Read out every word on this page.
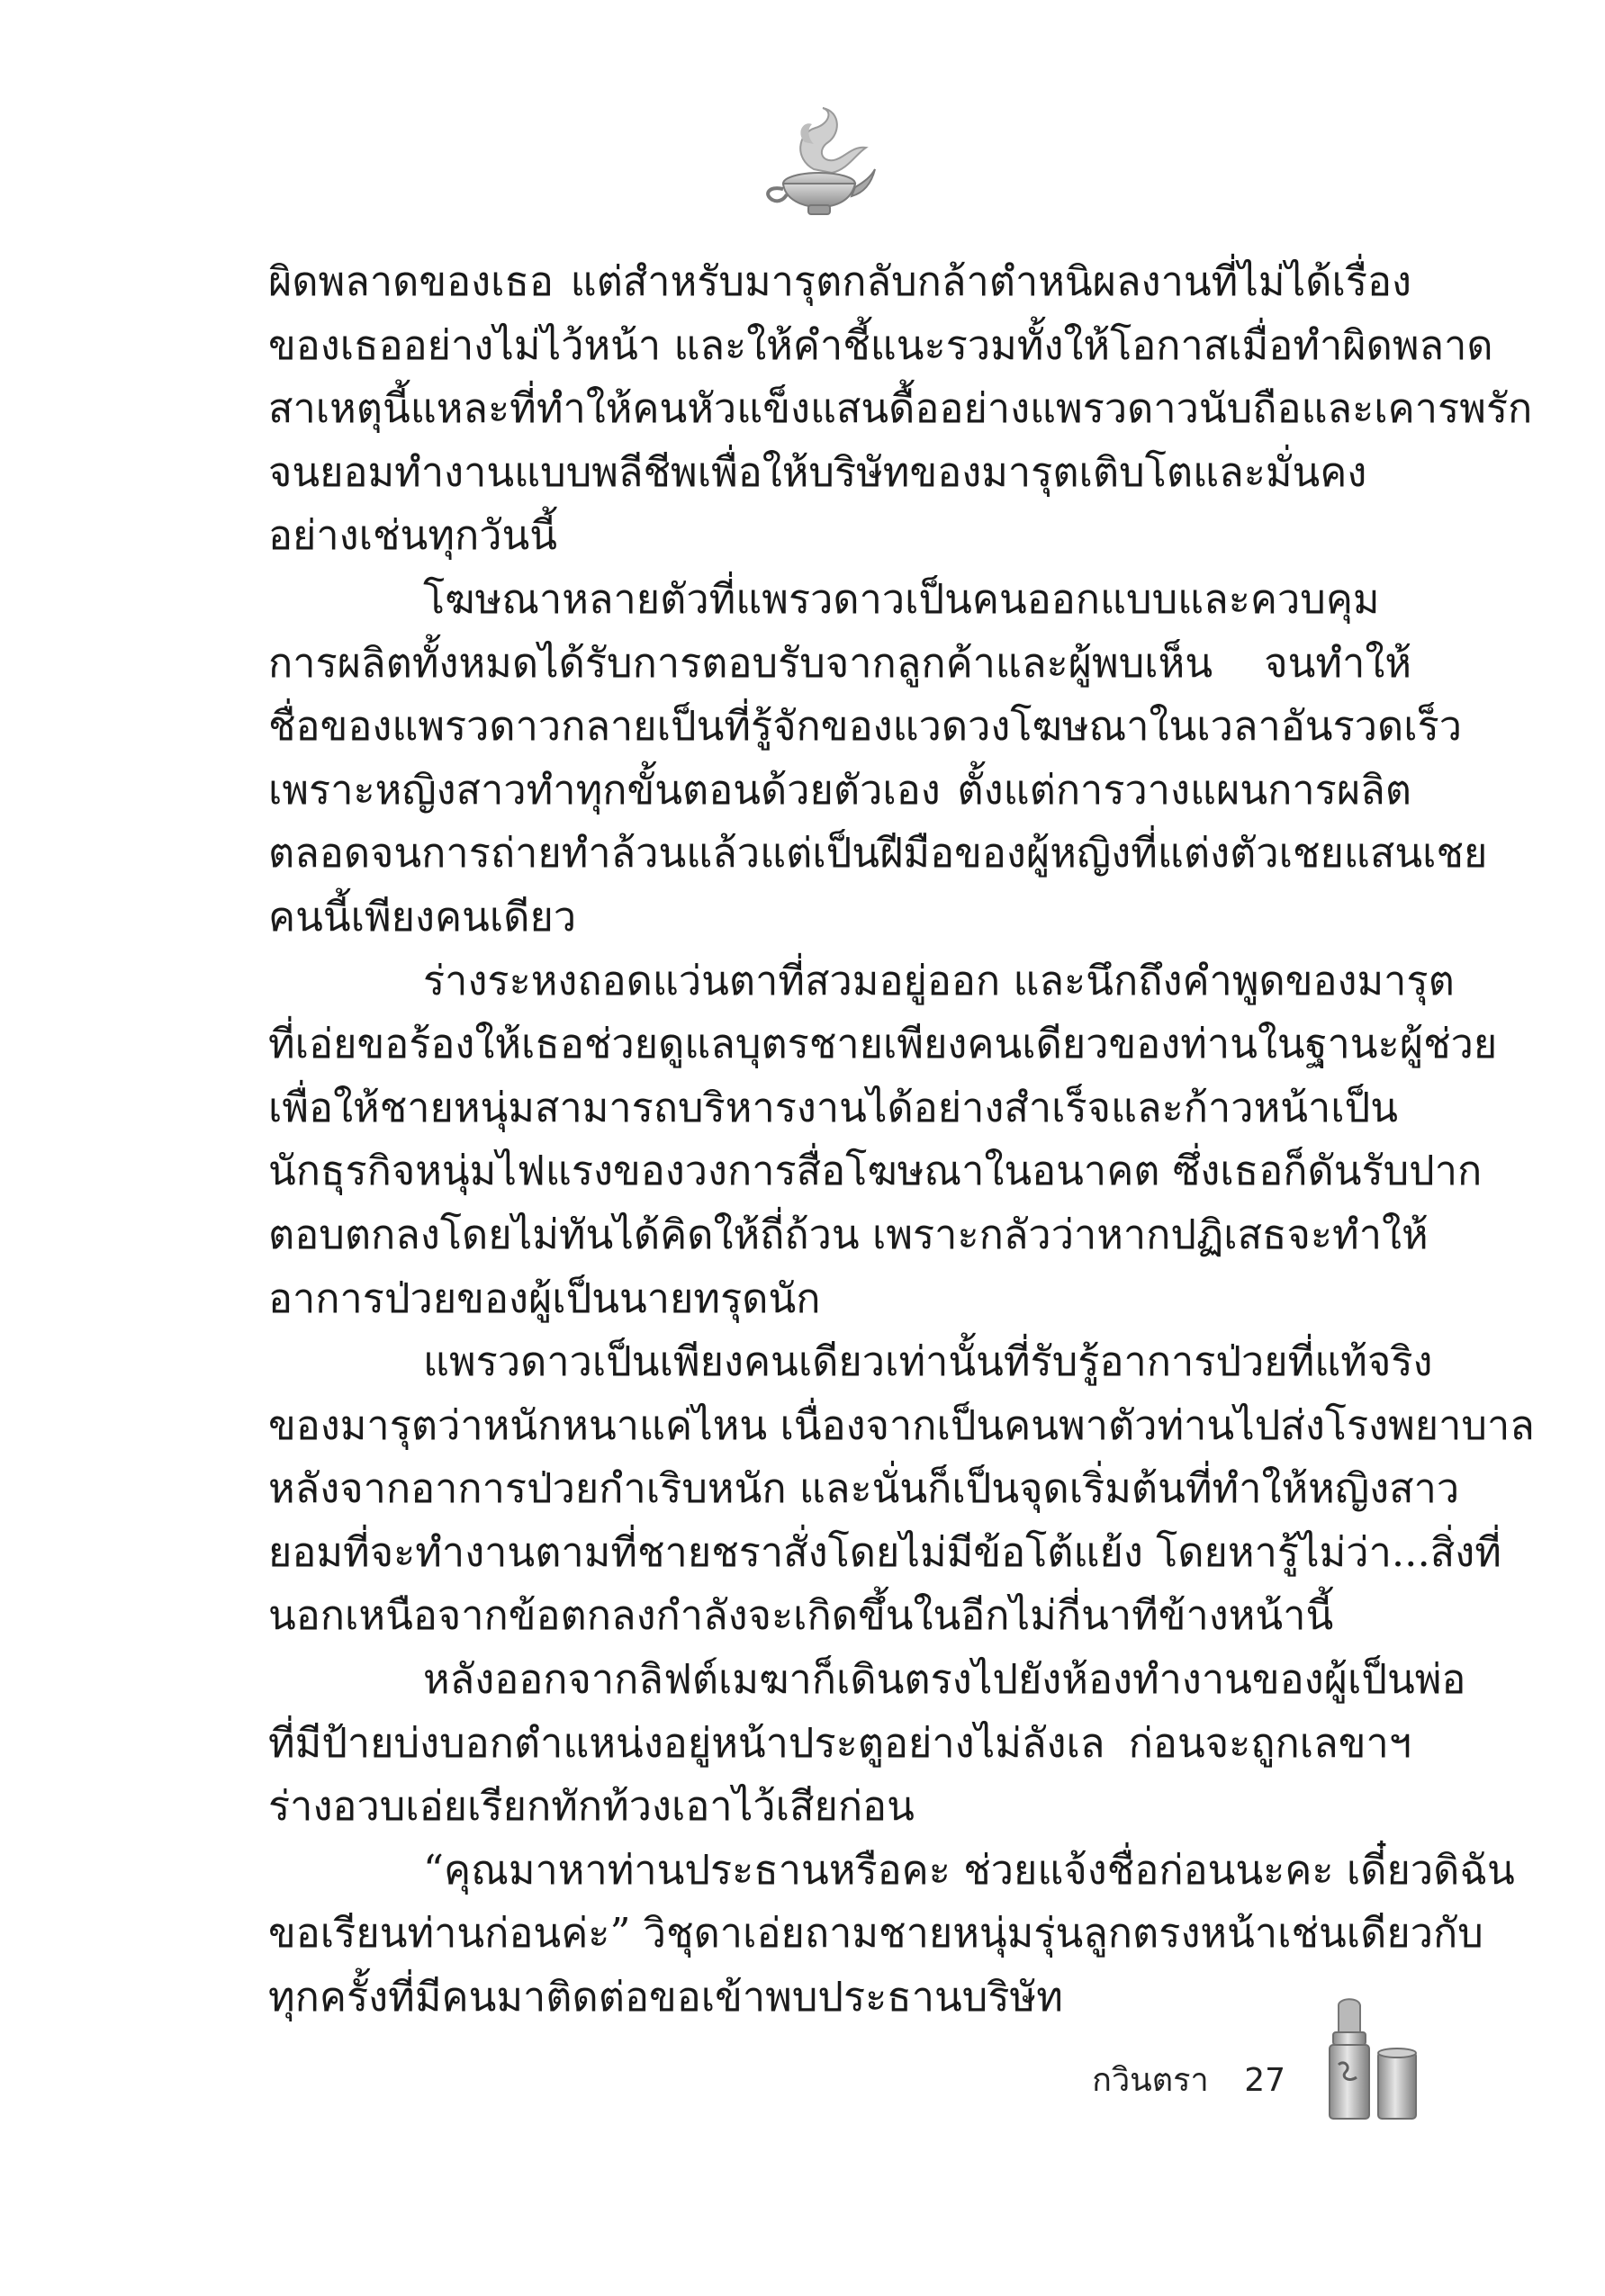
ผิดพลาดของเธอ แต่สำหรับมารุตกลับกล้าตำหนิผลงานที่ไม่ได้เรื่อง
ของเธออย่างไม่ไว้หน้า และให้คำชี้แนะรวมทั้งให้โอกาสเมื่อทำผิดพลาด
สาเหตุนี้แหละที่ทำให้คนหัวแข็งแสนดื้ออย่างแพรวดาวนับถือและเคารพรัก
จนยอมทำงานแบบพลีชีพเพื่อให้บริษัทของมารุตเติบโตและมั่นคง
อย่างเช่นทุกวันนี้
โฆษณาหลายตัวที่แพรวดาวเป็นคนออกแบบและควบคุม
การผลิตทั้งหมดได้รับการตอบรับจากลูกค้าและผู้พบเห็น จนทำให้
ชื่อของแพรวดาวกลายเป็นที่รู้จักของแวดวงโฆษณาในเวลาอันรวดเร็ว
เพราะหญิงสาวทำทุกขั้นตอนด้วยตัวเอง ตั้งแต่การวางแผนการผลิต
ตลอดจนการถ่ายทำล้วนแล้วแต่เป็นฝีมือของผู้หญิงที่แต่งตัวเชยแสนเชย
คนนี้เพียงคนเดียว
ร่างระหงถอดแว่นตาที่สวมอยู่ออก และนึกถึงคำพูดของมารุต
ที่เอ่ยขอร้องให้เธอช่วยดูแลบุตรชายเพียงคนเดียวของท่านในฐานะผู้ช่วย
เพื่อให้ชายหนุ่มสามารถบริหารงานได้อย่างสำเร็จและก้าวหน้าเป็น
นักธุรกิจหนุ่มไฟแรงของวงการสื่อโฆษณาในอนาคต ซึ่งเธอก็ดันรับปาก
ตอบตกลงโดยไม่ทันได้คิดให้ถี่ถ้วน เพราะกลัวว่าหากปฏิเสธจะทำให้
อาการป่วยของผู้เป็นนายทรุดนัก
แพรวดาวเป็นเพียงคนเดียวเท่านั้นที่รับรู้อาการป่วยที่แท้จริง
ของมารุตว่าหนักหนาแค่ไหน เนื่องจากเป็นคนพาตัวท่านไปส่งโรงพยาบาล
หลังจากอาการป่วยกำเริบหนัก และนั่นก็เป็นจุดเริ่มต้นที่ทำให้หญิงสาว
ยอมที่จะทำงานตามที่ชายชราสั่งโดยไม่มีข้อโต้แย้ง โดยหารู้ไม่ว่า...สิ่งที่
นอกเหนือจากข้อตกลงกำลังจะเกิดขึ้นในอีกไม่กี่นาทีข้างหน้านี้
หลังออกจากลิฟต์เมฆาก็เดินตรงไปยังห้องทำงานของผู้เป็นพ่อ
ที่มีป้ายบ่งบอกตำแหน่งอยู่หน้าประตูอย่างไม่ลังเล ก่อนจะถูกเลขาฯ
ร่างอวบเอ่ยเรียกทักท้วงเอาไว้เสียก่อน
“คุณมาหาท่านประธานหรือคะ ช่วยแจ้งชื่อก่อนนะคะ เดี๋ยวดิฉัน
ขอเรียนท่านก่อนค่ะ” วิชุดาเอ่ยถามชายหนุ่มรุ่นลูกตรงหน้าเช่นเดียวกับ
ทุกครั้งที่มีคนมาติดต่อขอเข้าพบประธานบริษัท
กวินตรา 27
